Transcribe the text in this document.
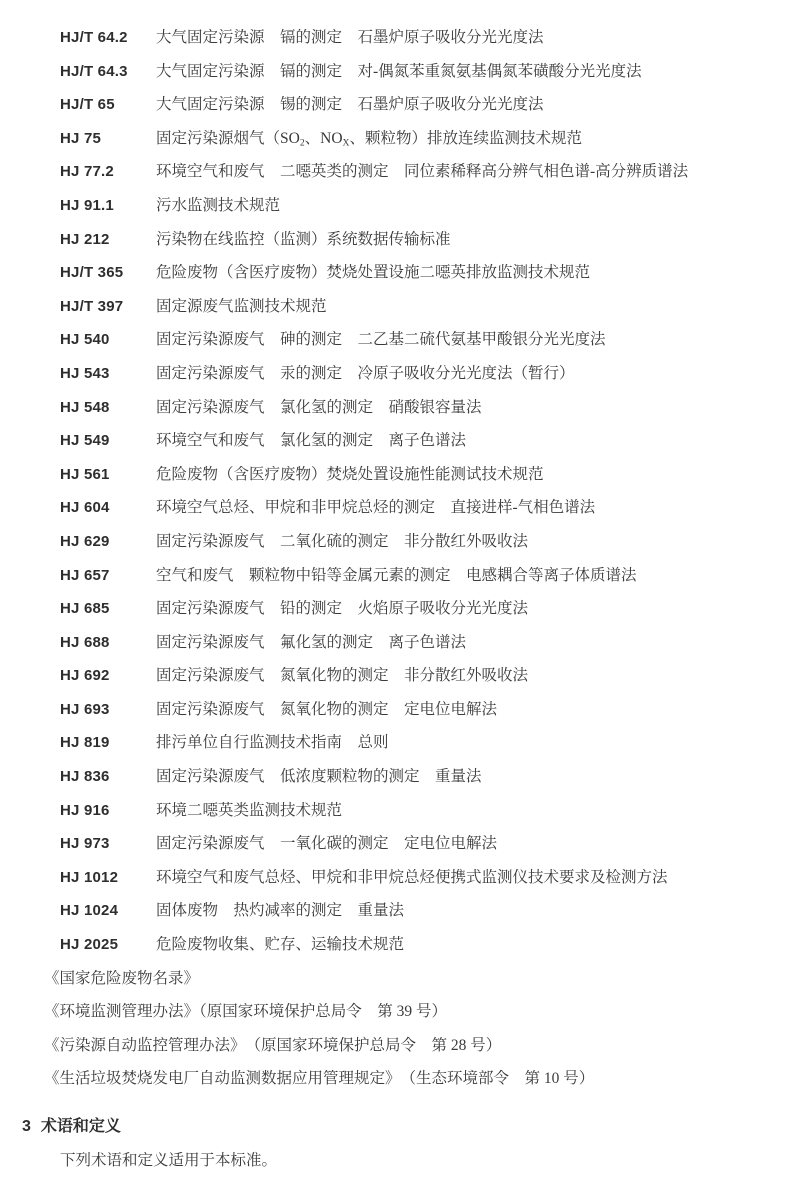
HJ/T 64.2 大气固定污染源　镉的测定　石墨炉原子吸收分光光度法
HJ/T 64.3 大气固定污染源　镉的测定　对-偶氮苯重氮氨基偶氮苯磺酸分光光度法
HJ/T 65	大气固定污染源　锡的测定　石墨炉原子吸收分光光度法
HJ 75	固定污染源烟气（$SO_2$、$NO_X$、颗粒物）排放连续监测技术规范
HJ 77.2	环境空气和废气　二噁英类的测定　同位素稀释高分辨气相色谱-高分辨质谱法
HJ 91.1	污水监测技术规范
HJ 212	污染物在线监控（监测）系统数据传输标准
HJ/T 365 危险废物（含医疗废物）焚烧处置设施二噁英排放监测技术规范
HJ/T 397 固定源废气监测技术规范
HJ 540	固定污染源废气　砷的测定　二乙基二硫代氨基甲酸银分光光度法
HJ 543	固定污染源废气　汞的测定　冷原子吸收分光光度法（暂行）
HJ 548	固定污染源废气　氯化氢的测定　硝酸银容量法
HJ 549	环境空气和废气　氯化氢的测定　离子色谱法
HJ 561	危险废物（含医疗废物）焚烧处置设施性能测试技术规范
HJ 604	环境空气总烃、甲烷和非甲烷总烃的测定　直接进样-气相色谱法
HJ 629	固定污染源废气　二氧化硫的测定　非分散红外吸收法
HJ 657	空气和废气　颗粒物中铅等金属元素的测定　电感耦合等离子体质谱法
HJ 685	固定污染源废气　铅的测定　火焰原子吸收分光光度法
HJ 688	固定污染源废气　氟化氢的测定　离子色谱法
HJ 692	固定污染源废气　氮氧化物的测定　非分散红外吸收法
HJ 693	固定污染源废气　氮氧化物的测定　定电位电解法
HJ 819	排污单位自行监测技术指南　总则
HJ 836	固定污染源废气　低浓度颗粒物的测定　重量法
HJ 916	环境二噁英类监测技术规范
HJ 973	固定污染源废气　一氧化碳的测定　定电位电解法
HJ 1012 环境空气和废气总烃、甲烷和非甲烷总烃便携式监测仪技术要求及检测方法
HJ 1024 固体废物　热灼减率的测定　重量法
HJ 2025 危险废物收集、贮存、运输技术规范
《国家危险废物名录》
《环境监测管理办法》（原国家环境保护总局令　第 39 号）
《污染源自动监控管理办法》　（原国家环境保护总局令　第 28 号）
《生活垃圾焚烧发电厂自动监测数据应用管理规定》　（生态环境部令　第 10 号）
3 术语和定义
下列术语和定义适用于本标准。
